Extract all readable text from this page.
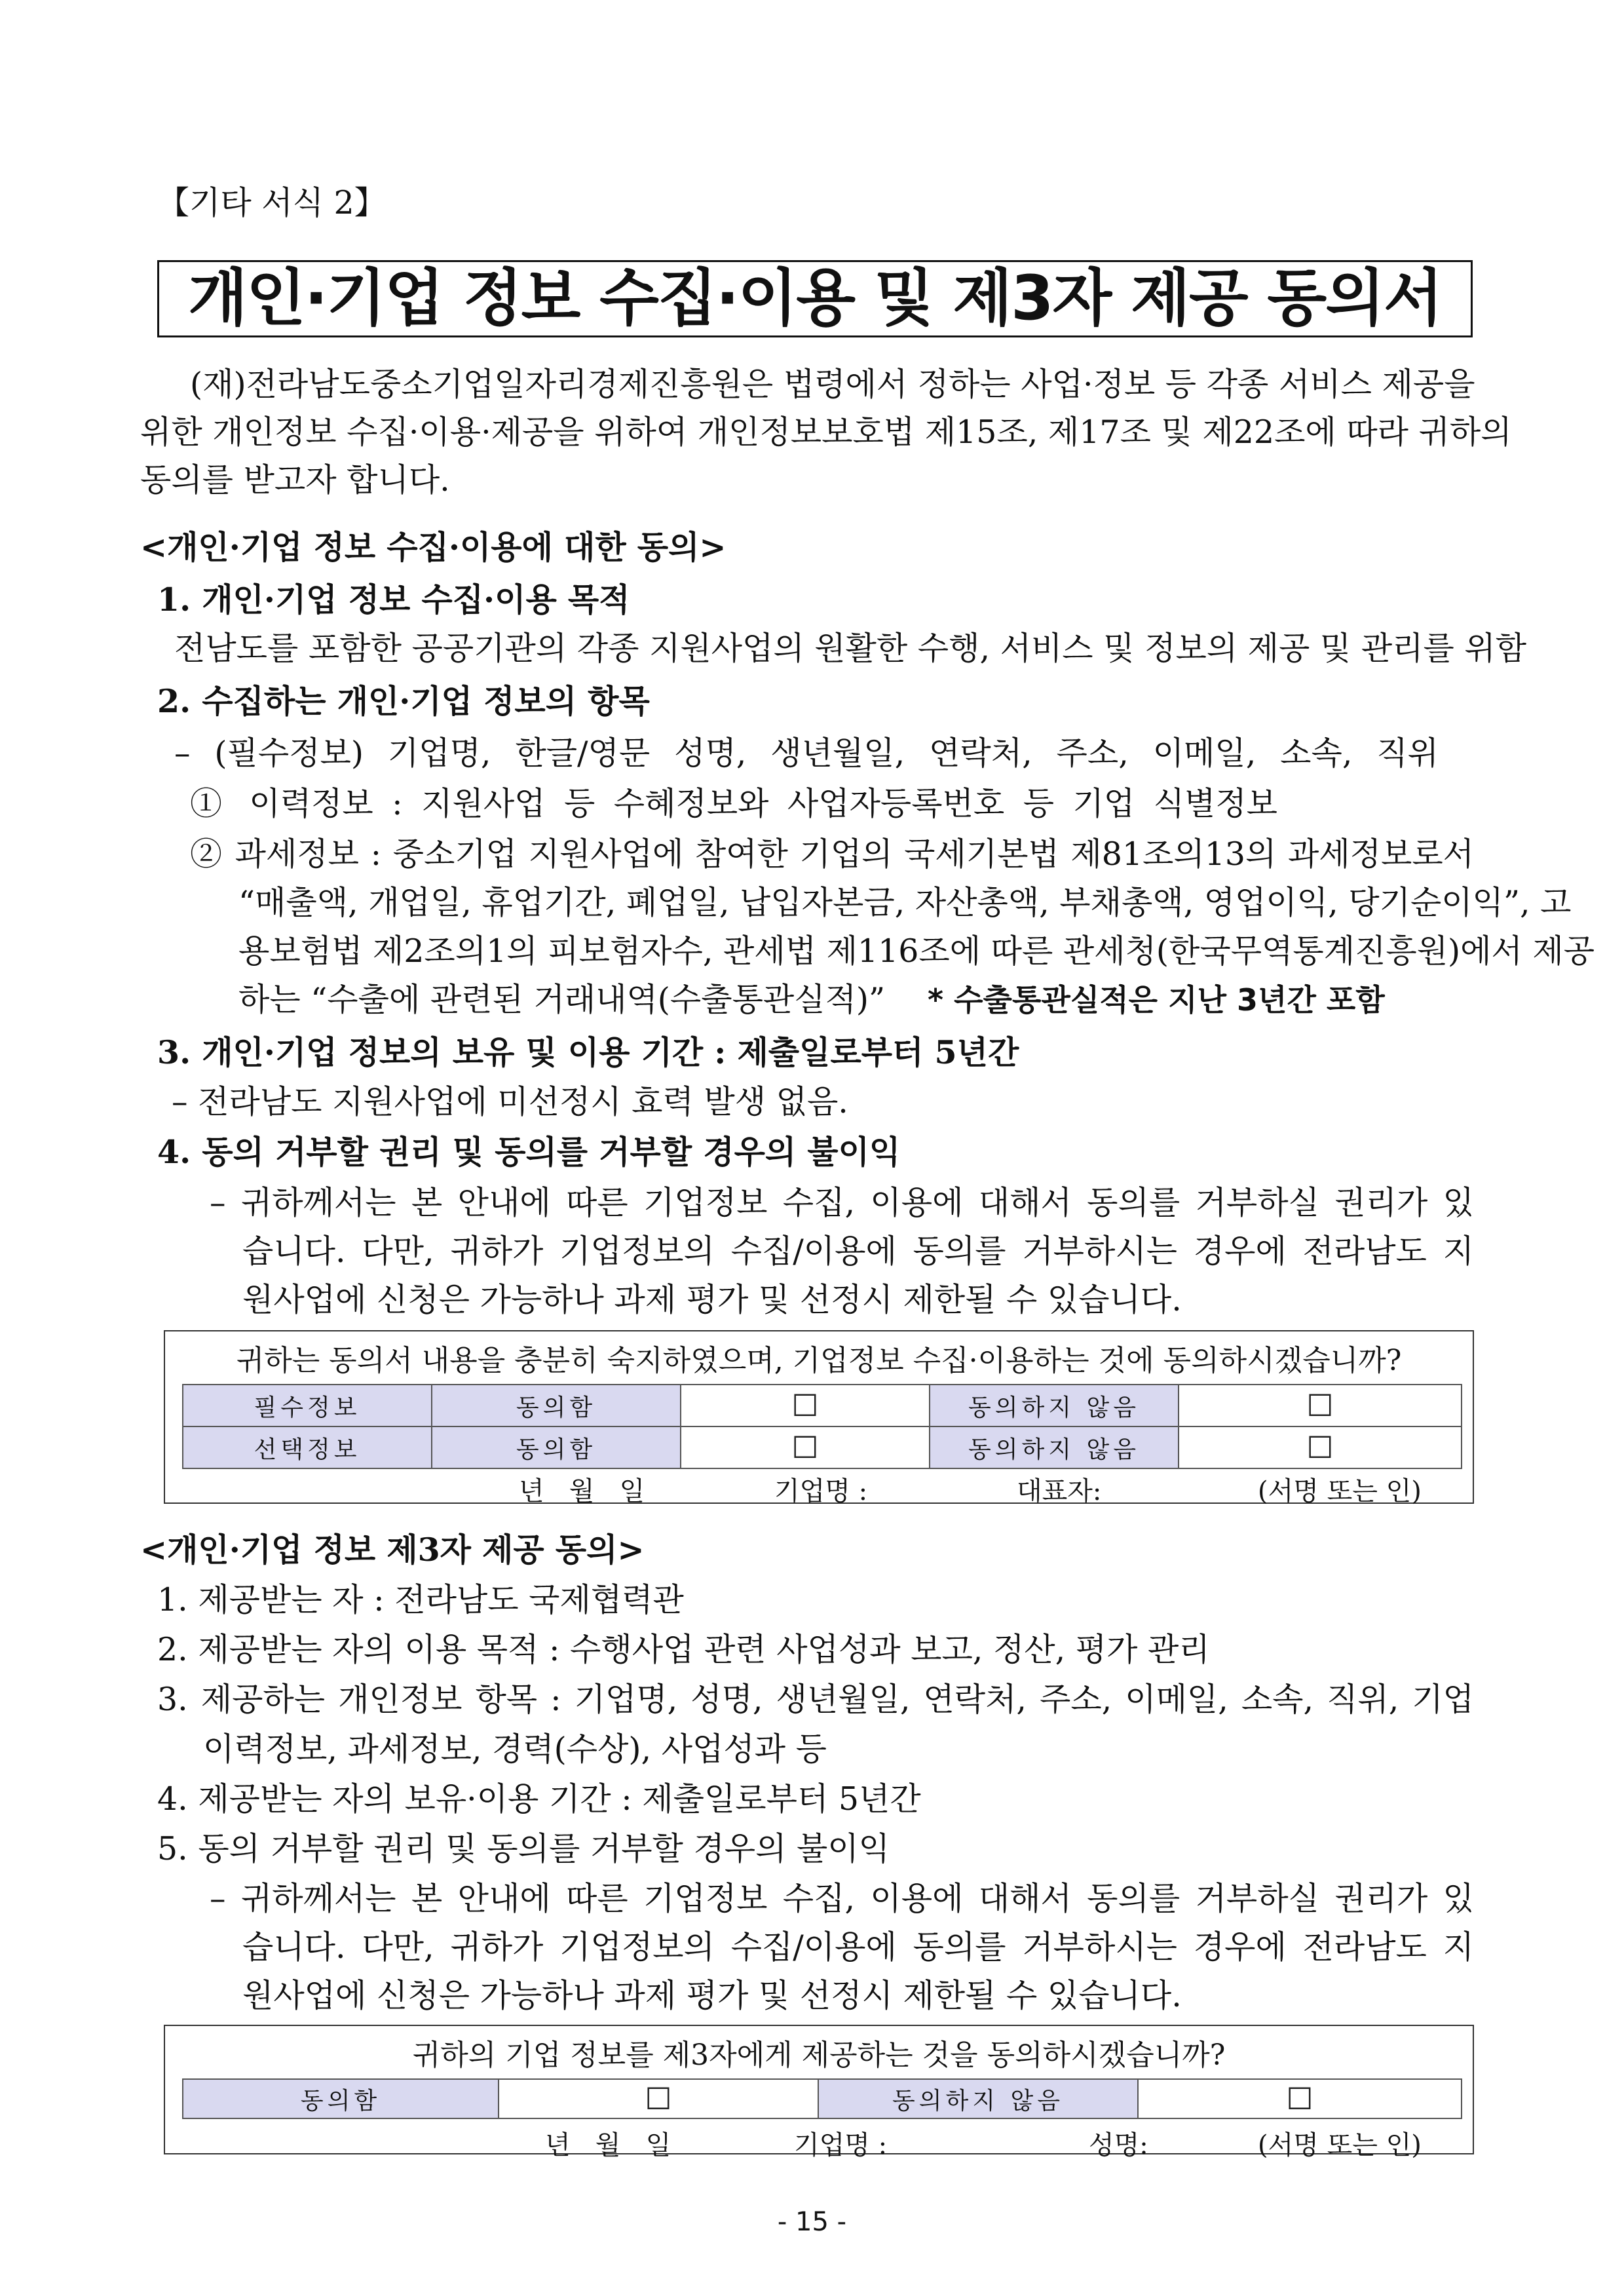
【기타 서식 2】
개인·기업 정보 수집·이용 및 제3자 제공 동의서
(재)전라남도중소기업일자리경제진흥원은 법령에서 정하는 사업·정보 등 각종 서비스 제공을
위한 개인정보 수집·이용·제공을 위하여 개인정보보호법 제15조, 제17조 및 제22조에 따라 귀하의
동의를 받고자 합니다.
<개인·기업 정보 수집·이용에 대한 동의>
1. 개인·기업 정보 수집·이용 목적
전남도를 포함한 공공기관의 각종 지원사업의 원활한 수행, 서비스 및 정보의 제공 및 관리를 위함
2. 수집하는 개인·기업 정보의 항목
– (필수정보) 기업명, 한글/영문 성명, 생년월일, 연락처, 주소, 이메일, 소속, 직위
① 이력정보 : 지원사업 등 수혜정보와 사업자등록번호 등 기업 식별정보
② 과세정보 : 중소기업 지원사업에 참여한 기업의 국세기본법 제81조의13의 과세정보로서
“매출액, 개업일, 휴업기간, 폐업일, 납입자본금, 자산총액, 부채총액, 영업이익, 당기순이익”, 고
용보험법 제2조의1의 피보험자수, 관세법 제116조에 따른 관세청(한국무역통계진흥원)에서 제공
하는 “수출에 관련된 거래내역(수출통관실적)” * 수출통관실적은 지난 3년간 포함
3. 개인·기업 정보의 보유 및 이용 기간 : 제출일로부터 5년간
– 전라남도 지원사업에 미선정시 효력 발생 없음.
4. 동의 거부할 권리 및 동의를 거부할 경우의 불이익
– 귀하께서는 본 안내에 따른 기업정보 수집, 이용에 대해서 동의를 거부하실 권리가 있
습니다. 다만, 귀하가 기업정보의 수집/이용에 동의를 거부하시는 경우에 전라남도 지
원사업에 신청은 가능하나 과제 평가 및 선정시 제한될 수 있습니다.
귀하는 동의서 내용을 충분히 숙지하였으며, 기업정보 수집·이용하는 것에 동의하시겠습니까?
필수정보	동의함	☐	동의하지 않음	☐
선택정보	동의함	☐	동의하지 않음	☐
년   월   일	기업명 :	대표자:	(서명 또는 인)
<개인·기업 정보 제3자 제공 동의>
1. 제공받는 자 : 전라남도 국제협력관
2. 제공받는 자의 이용 목적 : 수행사업 관련 사업성과 보고, 정산, 평가 관리
3. 제공하는 개인정보 항목 : 기업명, 성명, 생년월일, 연락처, 주소, 이메일, 소속, 직위, 기업
이력정보, 과세정보, 경력(수상), 사업성과 등
4. 제공받는 자의 보유·이용 기간 : 제출일로부터 5년간
5. 동의 거부할 권리 및 동의를 거부할 경우의 불이익
– 귀하께서는 본 안내에 따른 기업정보 수집, 이용에 대해서 동의를 거부하실 권리가 있
습니다. 다만, 귀하가 기업정보의 수집/이용에 동의를 거부하시는 경우에 전라남도 지
원사업에 신청은 가능하나 과제 평가 및 선정시 제한될 수 있습니다.
귀하의 기업 정보를 제3자에게 제공하는 것을 동의하시겠습니까?
동의함	☐	동의하지 않음	☐
년   월   일	기업명 :	성명:	(서명 또는 인)
- 15 -
